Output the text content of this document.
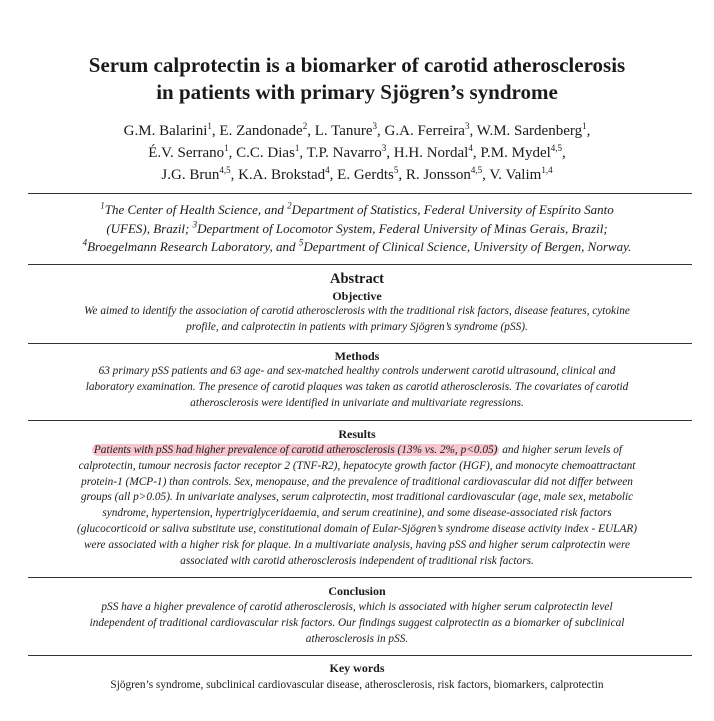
Serum calprotectin is a biomarker of carotid atherosclerosis
in patients with primary Sjögren’s syndrome
G.M. Balarini$^1$, E. Zandonade$^2$, L. Tanure$^3$, G.A. Ferreira$^3$, W.M. Sardenberg$^1$,
É.V. Serrano$^1$, C.C. Dias$^1$, T.P. Navarro$^3$, H.H. Nordal$^4$, P.M. Mydel$^{4,5}$,
J.G. Brun$^{4,5}$, K.A. Brokstad$^4$, E. Gerdts$^5$, R. Jonsson$^{4,5}$, V. Valim$^{1,4}$
$^1$The Center of Health Science, and $^2$Department of Statistics, Federal University of Espírito Santo
(UFES), Brazil; $^3$Department of Locomotor System, Federal University of Minas Gerais, Brazil;
$^4$Broegelmann Research Laboratory, and $^5$Department of Clinical Science, University of Bergen, Norway.
Abstract
Objective
We aimed to identify the association of carotid atherosclerosis with the traditional risk factors, disease features, cytokine
profile, and calprotectin in patients with primary Sjögren’s syndrome (pSS).
Methods
63 primary pSS patients and 63 age- and sex-matched healthy controls underwent carotid ultrasound, clinical and
laboratory examination. The presence of carotid plaques was taken as carotid atherosclerosis. The covariates of carotid
atherosclerosis were identified in univariate and multivariate regressions.
Results
Patients with pSS had higher prevalence of carotid atherosclerosis (13% vs. 2%, p<0.05) and higher serum levels of
calprotectin, tumour necrosis factor receptor 2 (TNF-R2), hepatocyte growth factor (HGF), and monocyte chemoattractant
protein-1 (MCP-1) than controls. Sex, menopause, and the prevalence of traditional cardiovascular did not differ between
groups (all p>0.05). In univariate analyses, serum calprotectin, most traditional cardiovascular (age, male sex, metabolic
syndrome, hypertension, hypertriglyceridaemia, and serum creatinine), and some disease-associated risk factors
(glucocorticoid or saliva substitute use, constitutional domain of Eular-Sjögren’s syndrome disease activity index - EULAR)
were associated with a higher risk for plaque. In a multivariate analysis, having pSS and higher serum calprotectin were
associated with carotid atherosclerosis independent of traditional risk factors.
Conclusion
pSS have a higher prevalence of carotid atherosclerosis, which is associated with higher serum calprotectin level
independent of traditional cardiovascular risk factors. Our findings suggest calprotectin as a biomarker of subclinical
atherosclerosis in pSS.
Key words
Sjögren’s syndrome, subclinical cardiovascular disease, atherosclerosis, risk factors, biomarkers, calprotectin
